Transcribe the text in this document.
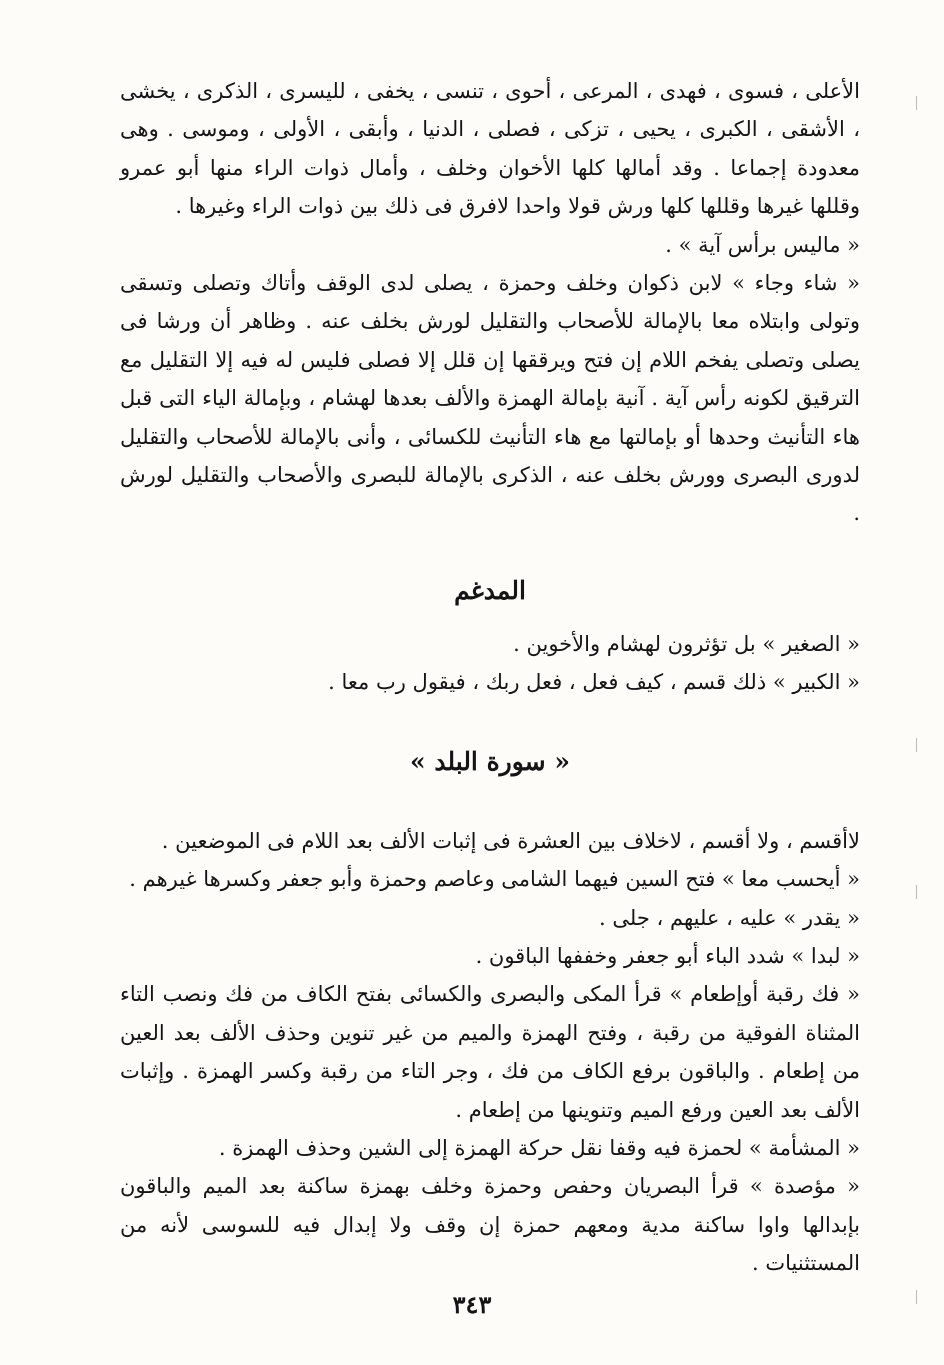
الأعلى ، فسوى ، فهدى ، المرعى ، أحوى ، تنسى ، يخفى ، لليسرى ، الذكرى ، يخشى ، الأشقى ، الكبرى ، يحيى ، تزكى ، فصلى ، الدنيا ، وأبقى ، الأولى ، وموسى . وهى معدودة إجماعا . وقد أمالها كلها الأخوان وخلف ، وأمال ذوات الراء منها أبو عمرو وقللها غيرها وقللها كلها ورش قولا واحدا لافرق فى ذلك بين ذوات الراء وغيرها .

« ماليس برأس آية » .

« شاء وجاء » لابن ذكوان وخلف وحمزة ، يصلى لدى الوقف وأتاك وتصلى وتسقى وتولى وابتلاه معا بالإمالة للأصحاب والتقليل لورش بخلف عنه . وظاهر أن ورشا فى يصلى وتصلى يفخم اللام إن فتح ويرققها إن قلل إلا فصلى فليس له فيه إلا التقليل مع الترقيق لكونه رأس آية . آنية بإمالة الهمزة والألف بعدها لهشام ، وبإمالة الياء التى قبل هاء التأنيث وحدها أو بإمالتها مع هاء التأنيث للكسائى ، وأنى بالإمالة للأصحاب والتقليل لدورى البصرى وورش بخلف عنه ، الذكرى بالإمالة للبصرى والأصحاب والتقليل لورش .

المدغم

« الصغير » بل تؤثرون لهشام والأخوين .

« الكبير » ذلك قسم ، كيف فعل ، فعل ربك ، فيقول رب معا .

« سورة البلد »

لاأقسم ، ولا أقسم ، لاخلاف بين العشرة فى إثبات الألف بعد اللام فى الموضعين .

« أيحسب معا » فتح السين فيهما الشامى وعاصم وحمزة وأبو جعفر وكسرها غيرهم .

« يقدر » عليه ، عليهم ، جلى .

« لبدا » شدد الباء أبو جعفر وخففها الباقون .

« فك رقبة أوإطعام » قرأ المكى والبصرى والكسائى بفتح الكاف من فك ونصب التاء المثناة الفوقية من رقبة ، وفتح الهمزة والميم من غير تنوين وحذف الألف بعد العين من إطعام . والباقون برفع الكاف من فك ، وجر التاء من رقبة وكسر الهمزة . وإثبات الألف بعد العين ورفع الميم وتنوينها من إطعام .

« المشأمة » لحمزة فيه وقفا نقل حركة الهمزة إلى الشين وحذف الهمزة .

« مؤصدة » قرأ البصريان وحفص وحمزة وخلف بهمزة ساكنة بعد الميم والباقون بإبدالها واوا ساكنة مدية ومعهم حمزة إن وقف ولا إبدال فيه للسوسى لأنه من المستثنيات .

٣٤٣
